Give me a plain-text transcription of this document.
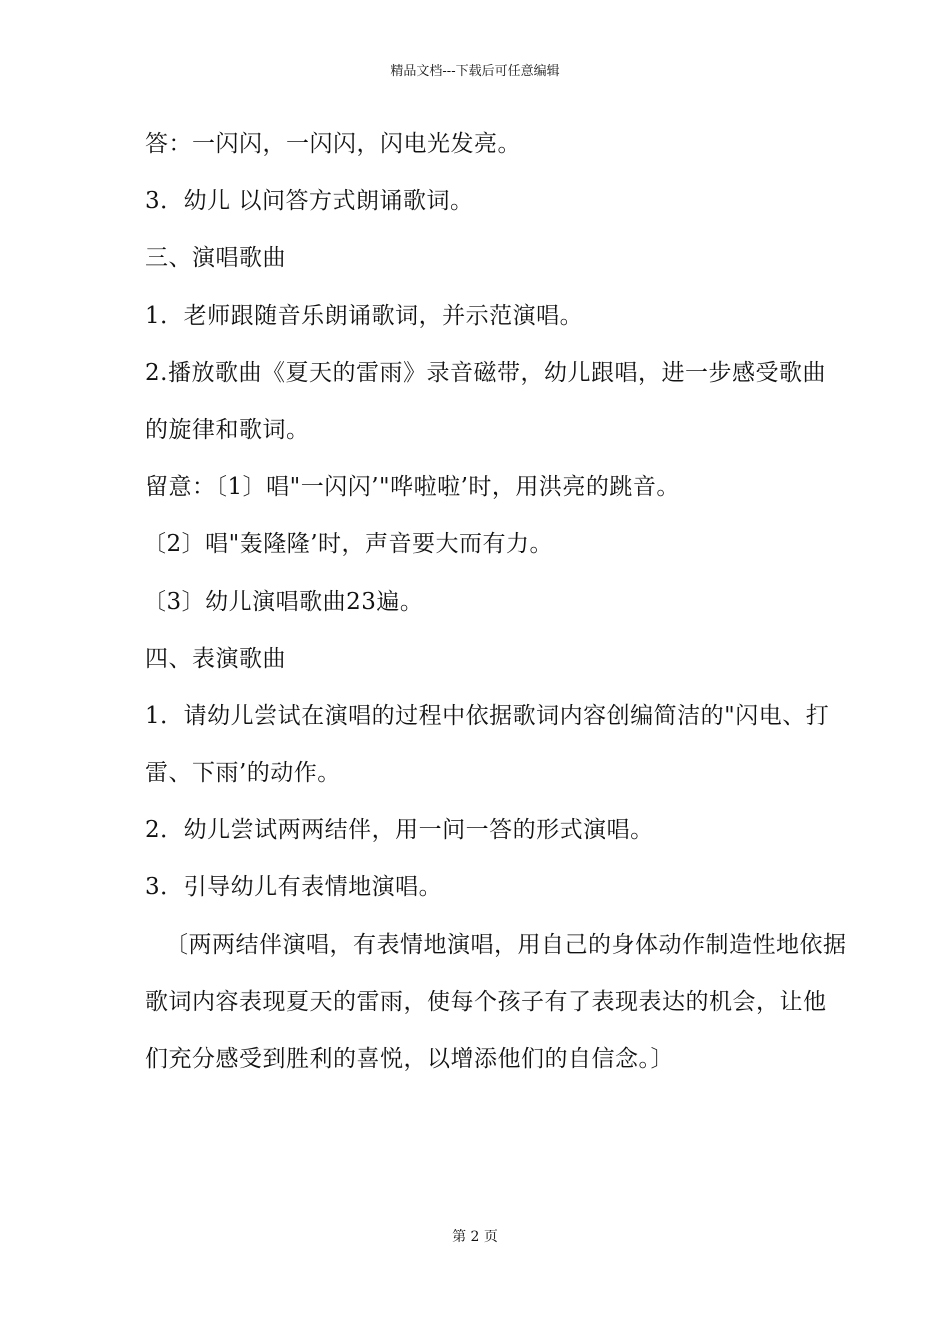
精品文档---下载后可任意编辑
答：一闪闪，一闪闪，闪电光发亮。
3．幼儿 以问答方式朗诵歌词。
三、演唱歌曲
1．老师跟随音乐朗诵歌词，并示范演唱。
2.播放歌曲《夏天的雷雨》录音磁带，幼儿跟唱，进一步感受歌曲
的旋律和歌词。
留意：〔1〕唱"一闪闪’"哗啦啦’时，用洪亮的跳音。
〔2〕唱"轰隆隆’时，声音要大而有力。
〔3〕幼儿演唱歌曲23遍。
四、表演歌曲
1．请幼儿尝试在演唱的过程中依据歌词内容创编简洁的"闪电、打
雷、下雨’的动作。
2．幼儿尝试两两结伴，用一问一答的形式演唱。
3．引导幼儿有表情地演唱。
〔两两结伴演唱，有表情地演唱，用自己的身体动作制造性地依据
歌词内容表现夏天的雷雨，使每个孩子有了表现表达的机会，让他
们充分感受到胜利的喜悦，以增添他们的自信念。〕
第 2 页
